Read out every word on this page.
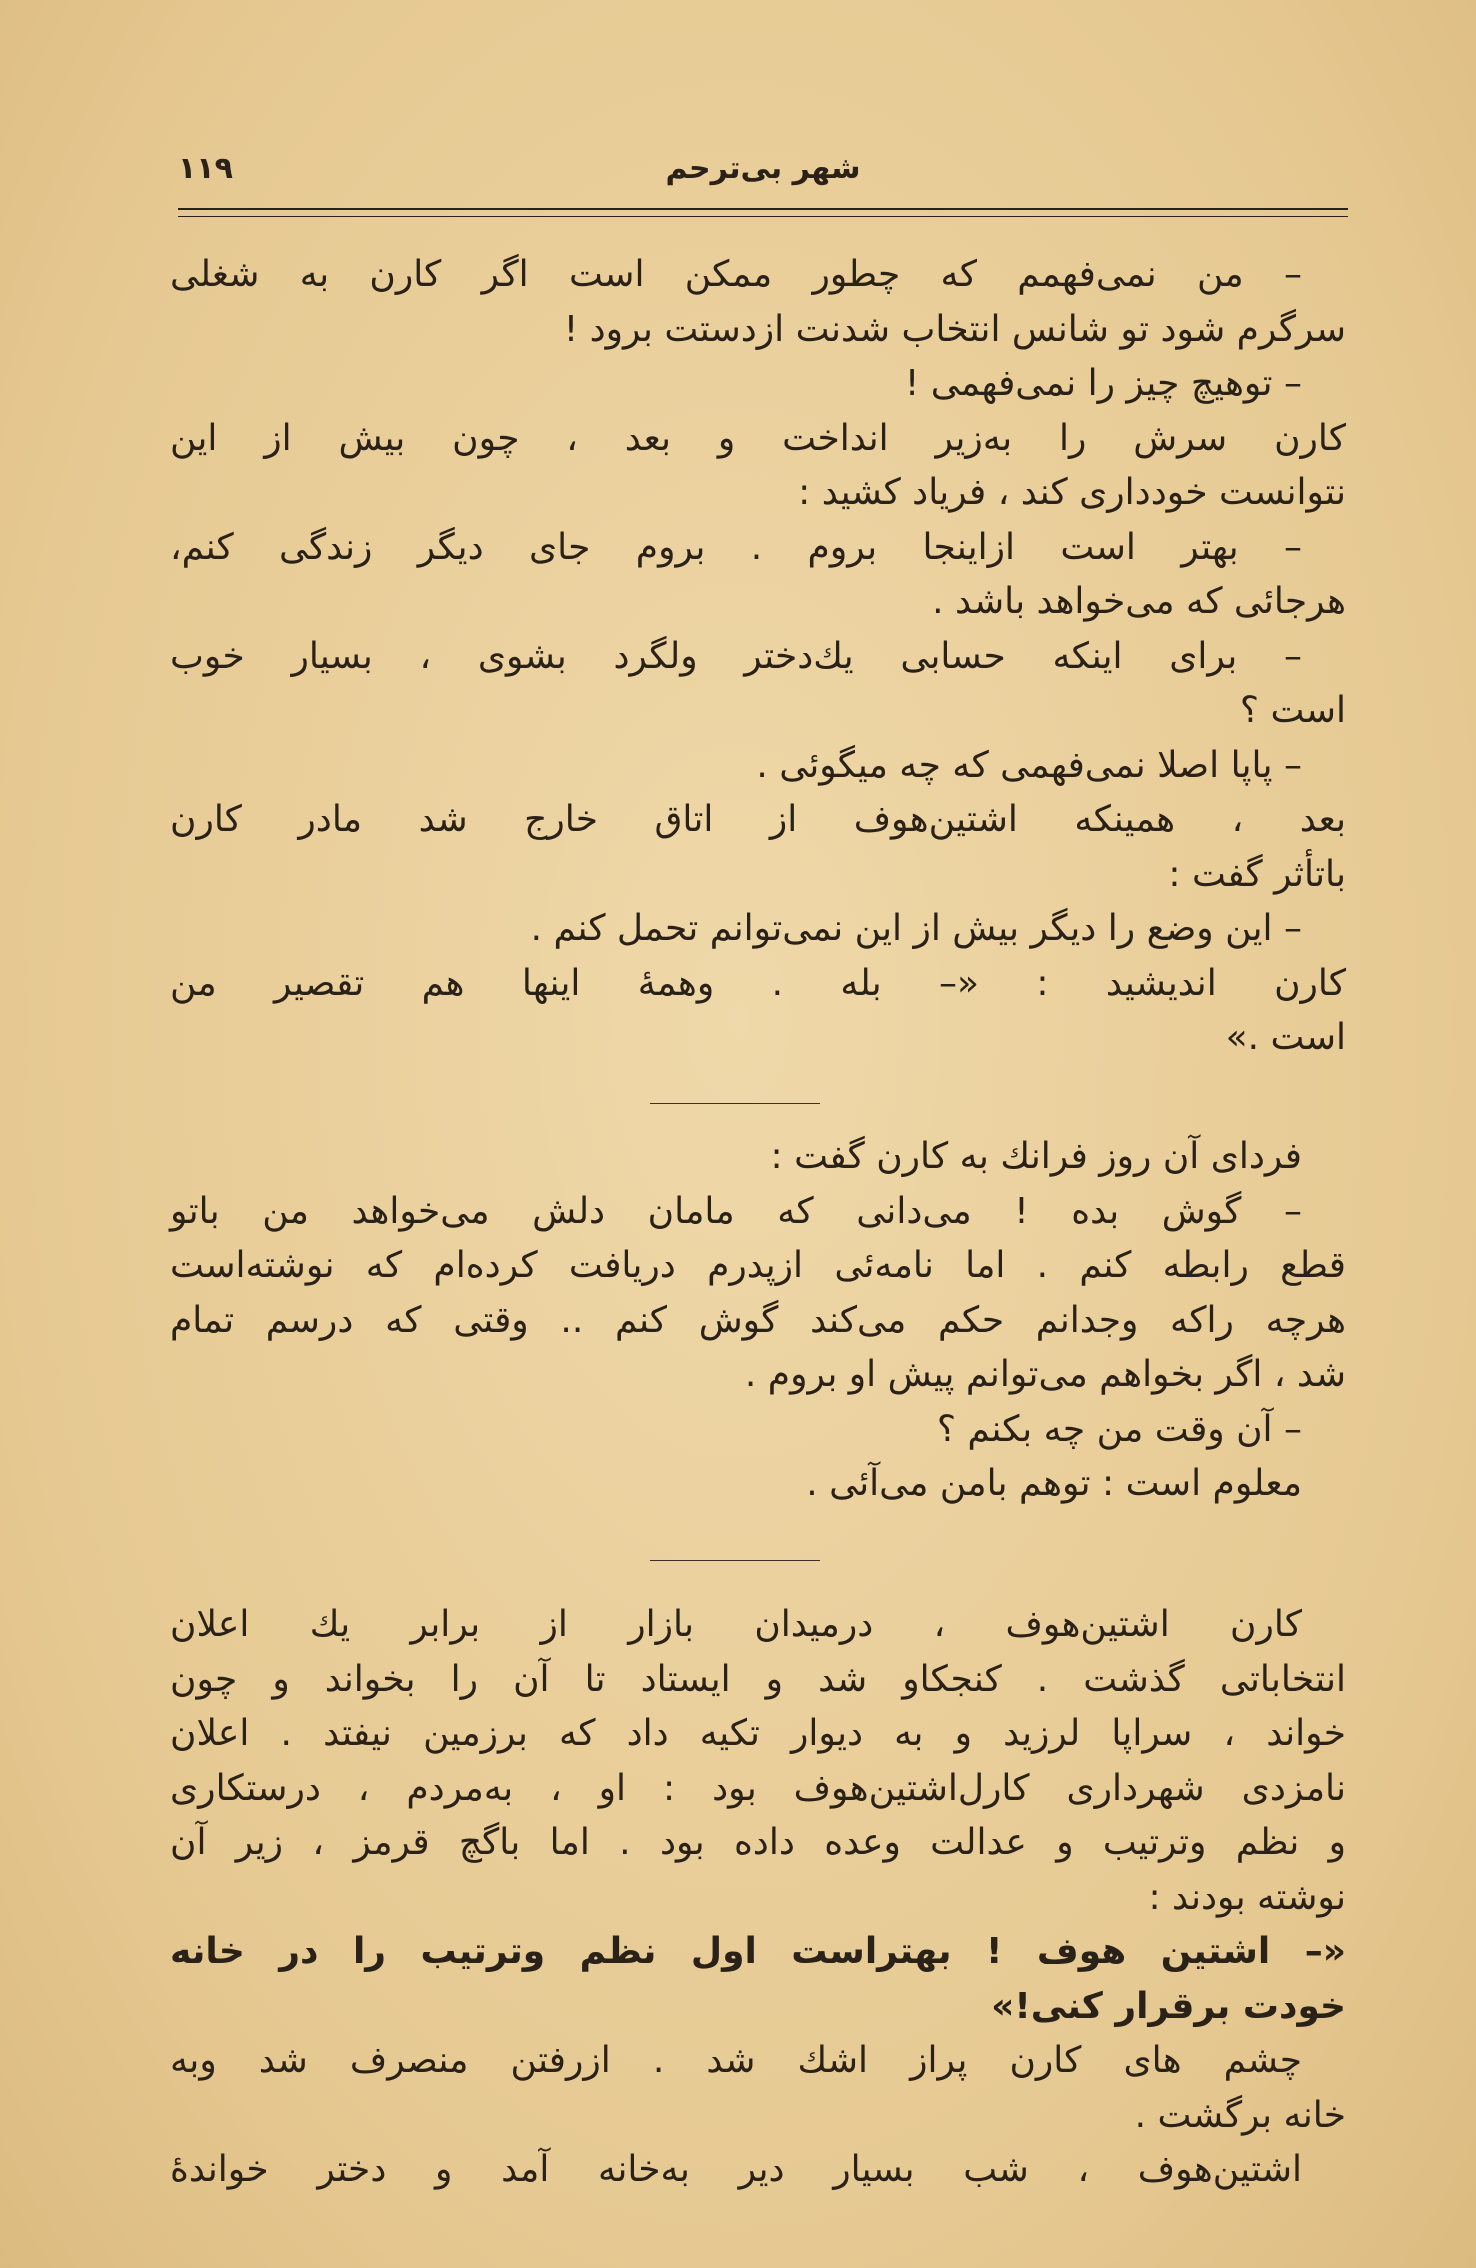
۱۱۹	شهر بی‌ترحم

– من نمی‌فهمم که چطور ممکن است اگر کارن به شغلی

سرگرم شود تو شانس انتخاب شدنت ازدستت برود !

– توهیچ چیز را نمی‌فهمی !

کارن سرش را به‌زیر انداخت و بعد ، چون بیش از این

نتوانست خودداری کند ، فریاد کشید :

– بهتر است ازاینجا بروم . بروم جای دیگر زندگی کنم،

هرجائی که می‌خواهد باشد .

– برای اینکه حسابی یك‌دختر ولگرد بشوی ، بسیار خوب

است ؟

– پاپا اصلا نمی‌فهمی که چه میگوئی .

بعد ، همینکه اشتین‌هوف از اتاق خارج شد مادر کارن

باتأثر گفت :

– این وضع را دیگر بیش از این نمی‌توانم تحمل کنم .

کارن اندیشید : «– بله . وهمهٔ اینها هم تقصیر من

است .»

فردای آن روز فرانك به کارن گفت :

– گوش بده ! می‌دانی که مامان دلش می‌خواهد من باتو

قطع رابطه کنم . اما نامه‌ئی ازپدرم دریافت کرده‌ام که نوشته‌است

هرچه راکه وجدانم حکم می‌کند گوش کنم .. وقتی که درسم تمام

شد ، اگر بخواهم می‌توانم پیش او بروم .

– آن وقت من چه بکنم ؟

معلوم است : توهم بامن می‌آئی .

کارن اشتین‌هوف ، درمیدان بازار از برابر یك اعلان

انتخاباتی گذشت . کنجکاو شد و ایستاد تا آن را بخواند و چون

خواند ، سراپا لرزید و به دیوار تکیه داد که برزمین نیفتد . اعلان

نامزدی شهرداری کارل‌اشتین‌هوف بود : او ، به‌مردم ، درستکاری

و نظم وترتیب و عدالت وعده داده بود . اما باگچ قرمز ، زیر آن

نوشته بودند :

«– اشتین هوف ! بهتراست اول نظم وترتیب را در خانه

خودت برقرار کنی!»

چشم های کارن پراز اشك شد . ازرفتن منصرف شد وبه

خانه برگشت .

اشتین‌هوف ، شب بسیار دیر به‌خانه آمد و دختر خواندهٔ
